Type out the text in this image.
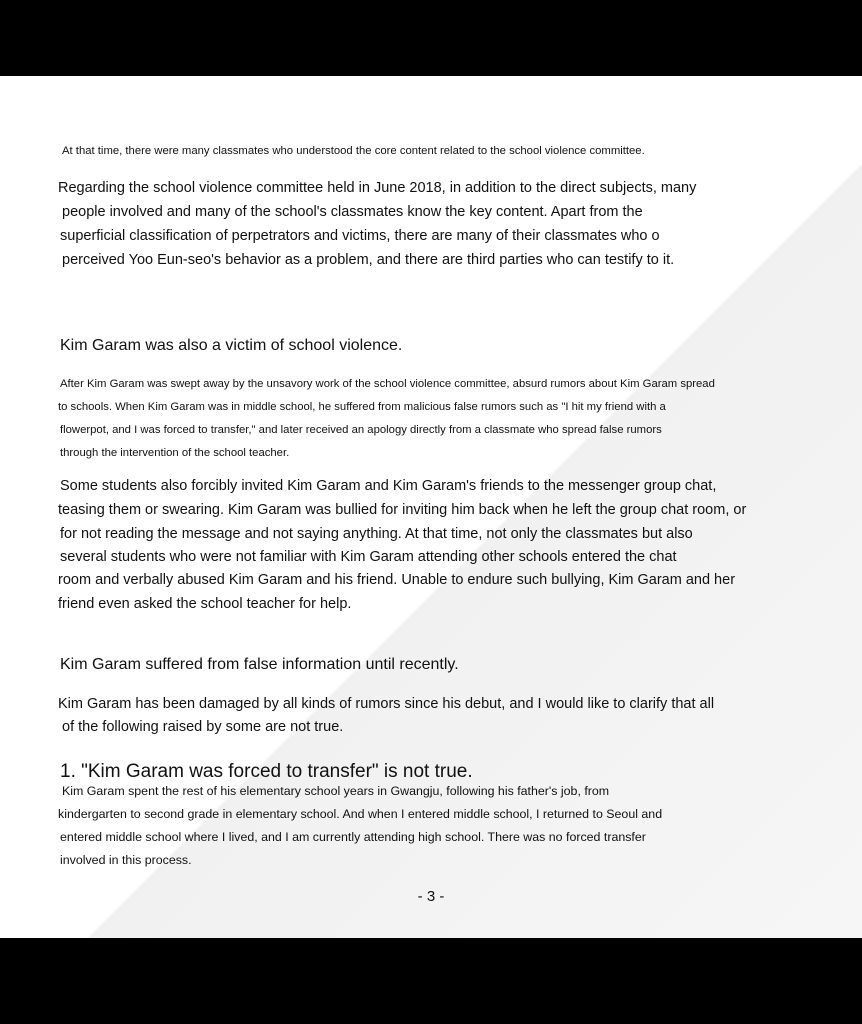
At that time, there were many classmates who understood the core content related to the school violence committee.
Regarding the school violence committee held in June 2018, in addition to the direct subjects, many
people involved and many of the school's classmates know the key content. Apart from the
superficial classification of perpetrators and victims, there are many of their classmates who o
perceived Yoo Eun-seo's behavior as a problem, and there are third parties who can testify to it.
Kim Garam was also a victim of school violence.
After Kim Garam was swept away by the unsavory work of the school violence committee, absurd rumors about Kim Garam spread
to schools. When Kim Garam was in middle school, he suffered from malicious false rumors such as "I hit my friend with a
flowerpot, and I was forced to transfer," and later received an apology directly from a classmate who spread false rumors
through the intervention of the school teacher.
Some students also forcibly invited Kim Garam and Kim Garam's friends to the messenger group chat,
teasing them or swearing. Kim Garam was bullied for inviting him back when he left the group chat room, or
for not reading the message and not saying anything. At that time, not only the classmates but also
several students who were not familiar with Kim Garam attending other schools entered the chat
room and verbally abused Kim Garam and his friend. Unable to endure such bullying, Kim Garam and her
friend even asked the school teacher for help.
Kim Garam suffered from false information until recently.
Kim Garam has been damaged by all kinds of rumors since his debut, and I would like to clarify that all
of the following raised by some are not true.
1. "Kim Garam was forced to transfer" is not true.
Kim Garam spent the rest of his elementary school years in Gwangju, following his father's job, from
kindergarten to second grade in elementary school. And when I entered middle school, I returned to Seoul and
entered middle school where I lived, and I am currently attending high school. There was no forced transfer
involved in this process.
- 3 -
